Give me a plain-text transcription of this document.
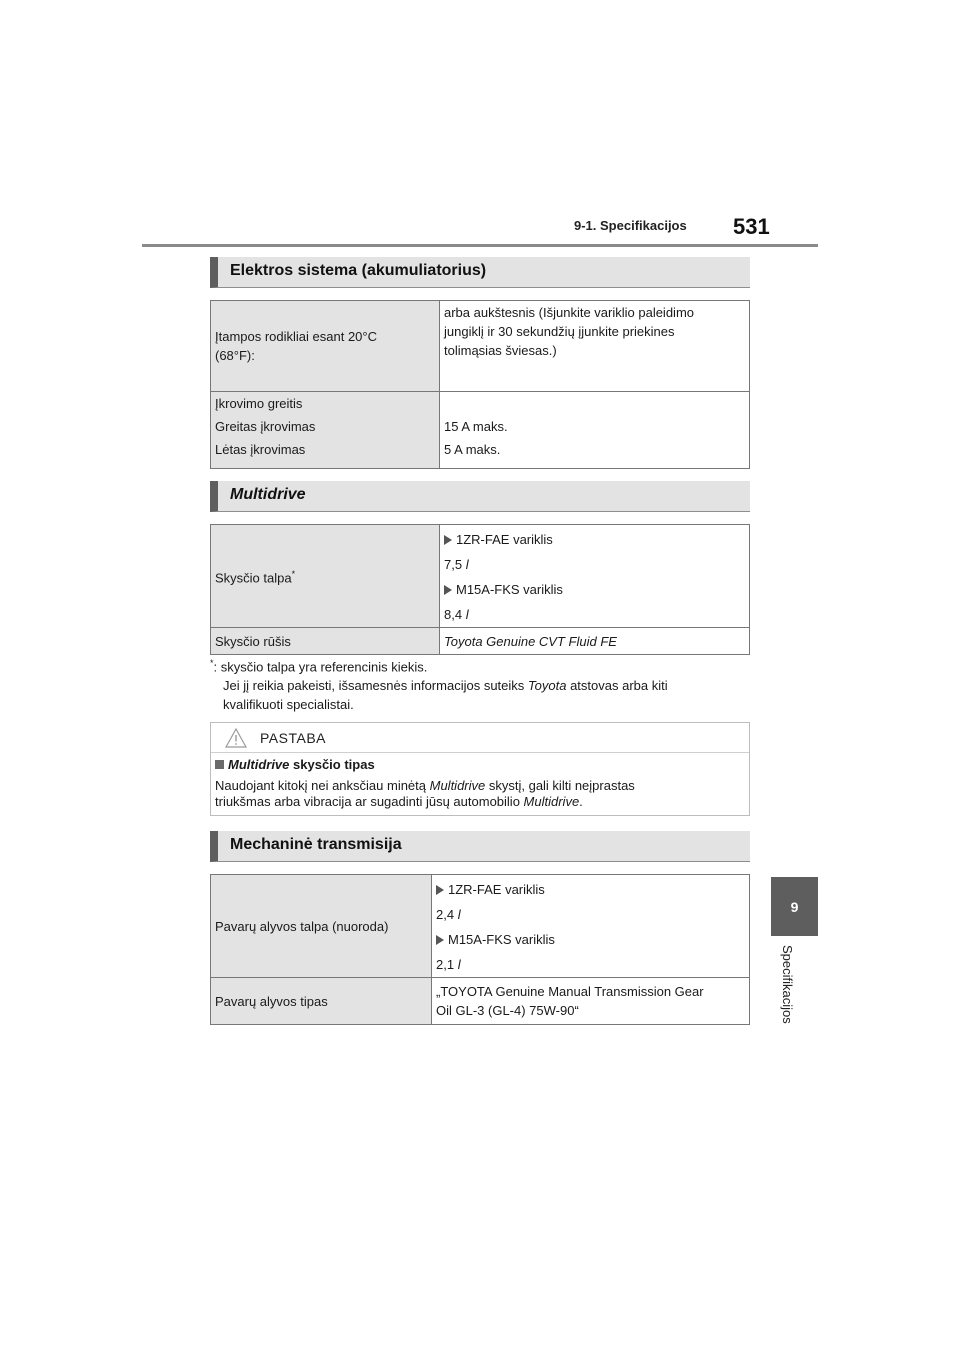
9-1. Specifikacijos 531
9
Specifikacijos
Elektros sistema (akumuliatorius)
Įtampos rodikliai esant 20°C (68°F):	arba aukštesnis (Išjunkite variklio paleidimo jungiklį ir 30 sekundžių įjunkite priekines tolimąsias šviesas.)

Įkrovimo greitis	
Greitas įkrovimas	15 A maks.
Lėtas įkrovimas	5 A maks.
Multidrive
Skysčio talpa*	1ZR-FAE variklis
7,5 l
M15A-FKS variklis
8,4 l

Skysčio rūšis	Toyota Genuine CVT Fluid FE
*: skysčio talpa yra referencinis kiekis.
Jei jį reikia pakeisti, išsamesnės informacijos suteiks Toyota atstovas arba kiti
kvalifikuoti specialistai.
PASTABA
Multidrive skysčio tipas
Naudojant kitokį nei anksčiau minėtą Multidrive skystį, gali kilti neįprastas
triukšmas arba vibracija ar sugadinti jūsų automobilio Multidrive.
Mechaninė transmisija
Pavarų alyvos talpa (nuoroda)	1ZR-FAE variklis
2,4 l
M15A-FKS variklis
2,1 l

Pavarų alyvos tipas	„TOYOTA Genuine Manual Transmission Gear
Oil GL-3 (GL-4) 75W-90“
